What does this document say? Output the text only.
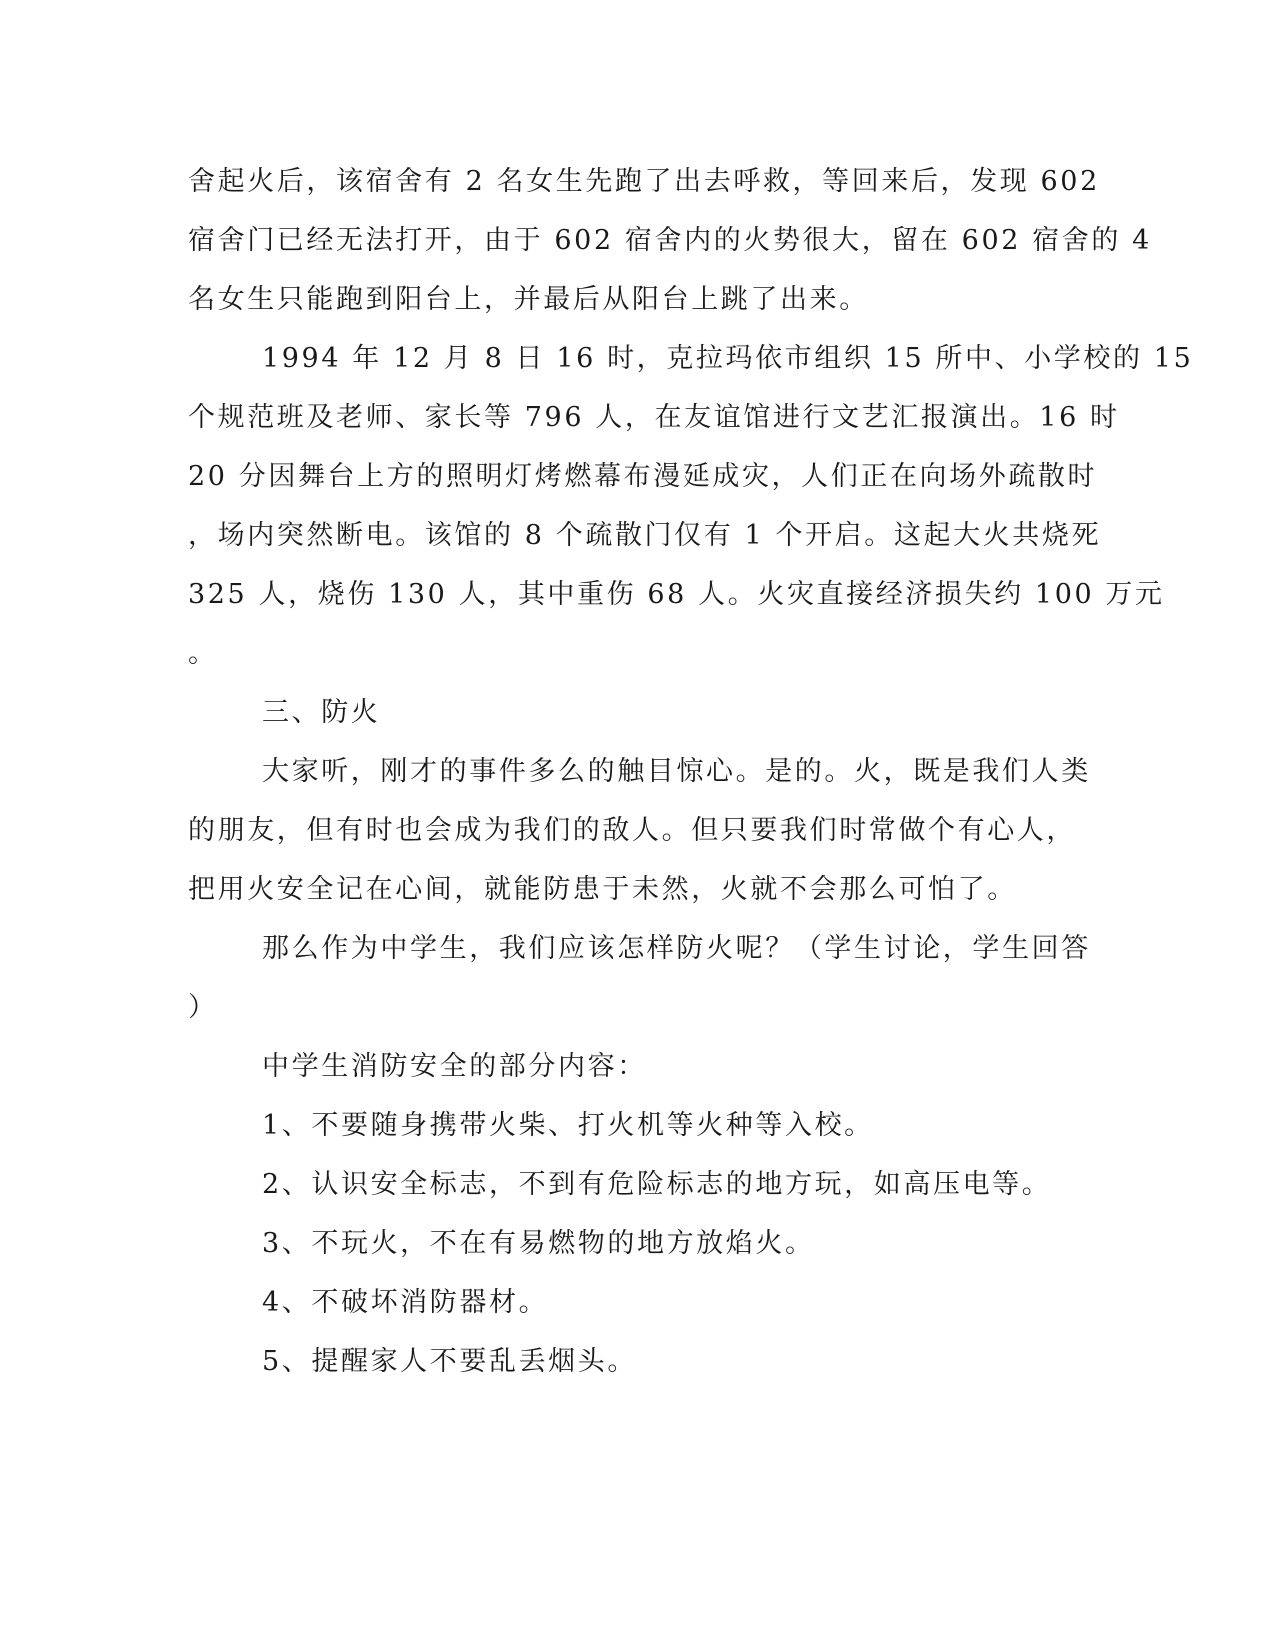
舍起火后，该宿舍有 2 名女生先跑了出去呼救，等回来后，发现 602
宿舍门已经无法打开，由于 602 宿舍内的火势很大，留在 602 宿舍的 4
名女生只能跑到阳台上，并最后从阳台上跳了出来。
1994 年 12 月 8 日 16 时，克拉玛依市组织 15 所中、小学校的 15
个规范班及老师、家长等 796 人，在友谊馆进行文艺汇报演出。16 时
20 分因舞台上方的照明灯烤燃幕布漫延成灾，人们正在向场外疏散时
，场内突然断电。该馆的 8 个疏散门仅有 1 个开启。这起大火共烧死
325 人，烧伤 130 人，其中重伤 68 人。火灾直接经济损失约 100 万元
。
三、防火
大家听，刚才的事件多么的触目惊心。是的。火，既是我们人类
的朋友，但有时也会成为我们的敌人。但只要我们时常做个有心人，
把用火安全记在心间，就能防患于未然，火就不会那么可怕了。
那么作为中学生，我们应该怎样防火呢？（学生讨论，学生回答
）
中学生消防安全的部分内容：
1、不要随身携带火柴、打火机等火种等入校。
2、认识安全标志，不到有危险标志的地方玩，如高压电等。
3、不玩火，不在有易燃物的地方放焰火。
4、不破坏消防器材。
5、提醒家人不要乱丢烟头。
